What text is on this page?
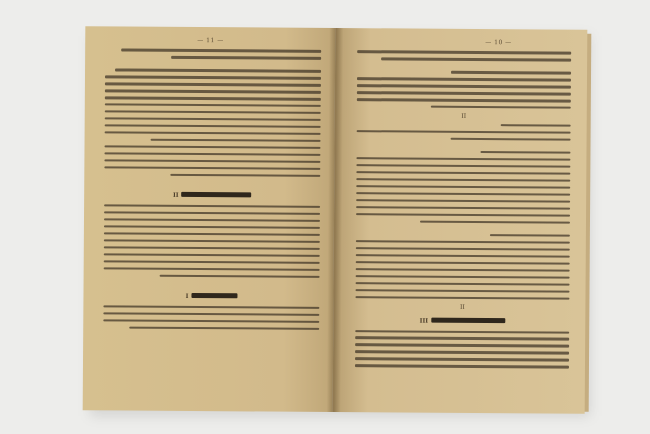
— 11 —
II
I
— 10 —
II
II
III
